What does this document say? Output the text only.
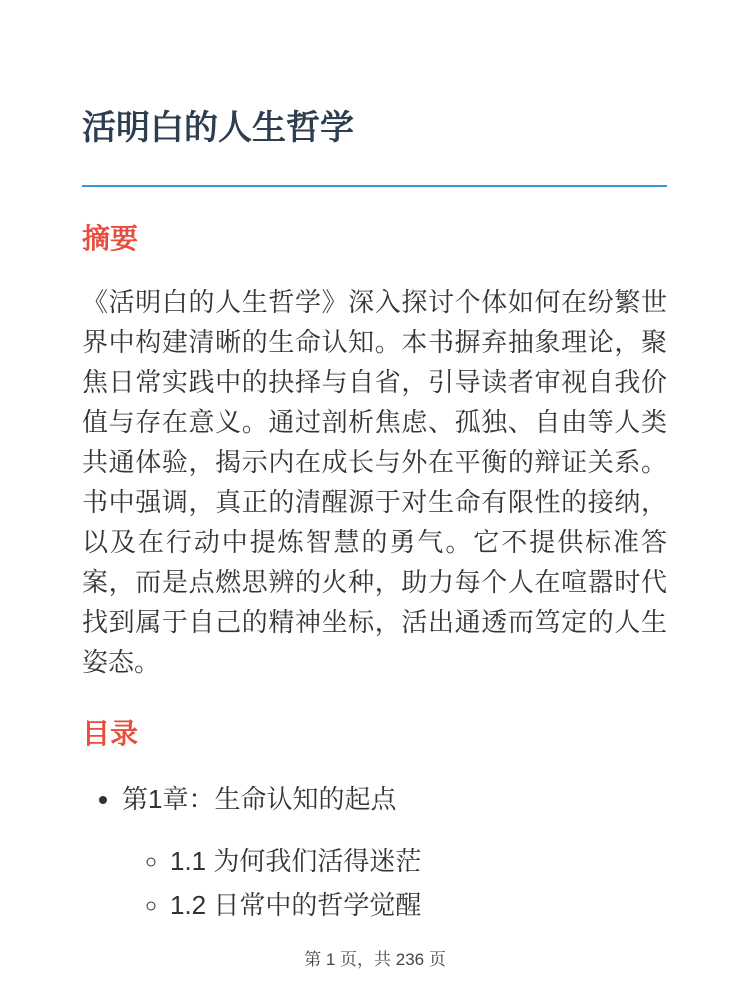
活明白的人生哲学
摘要

《活明白的人生哲学》深入探讨个体如何在纷繁世界中构建清晰的生命认知。本书摒弃抽象理论，聚焦日常实践中的抉择与自省，引导读者审视自我价值与存在意义。通过剖析焦虑、孤独、自由等人类共通体验，揭示内在成长与外在平衡的辩证关系。书中强调，真正的清醒源于对生命有限性的接纳，以及在行动中提炼智慧的勇气。它不提供标准答案，而是点燃思辨的火种，助力每个人在喧嚣时代找到属于自己的精神坐标，活出通透而笃定的人生姿态。

目录
• 第1章：生命认知的起点
◦ 1.1 为何我们活得迷茫
◦ 1.2 日常中的哲学觉醒
第 1 页，共 236 页
